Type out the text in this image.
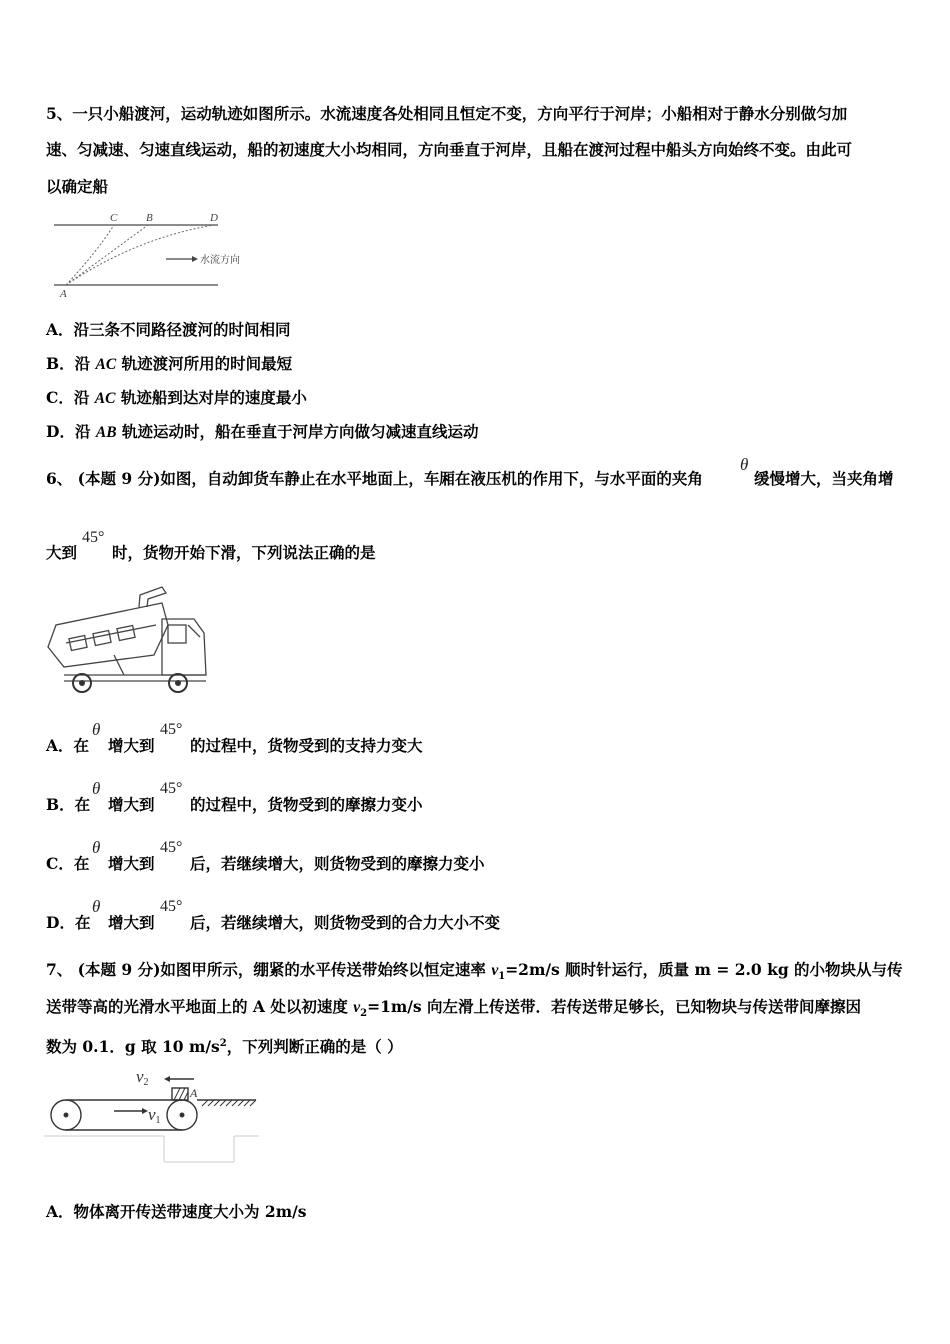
5、一只小船渡河，运动轨迹如图所示。水流速度各处相同且恒定不变，方向平行于河岸；小船相对于静水分别做匀加
速、匀减速、匀速直线运动，船的初速度大小均相同，方向垂直于河岸，且船在渡河过程中船头方向始终不变。由此可
以确定船
C	B	D
A
水流方向
A．沿三条不同路径渡河的时间相同
B．沿 AC 轨迹渡河所用的时间最短
C．沿 AC 轨迹船到达对岸的速度最小
D．沿 AB 轨迹运动时，船在垂直于河岸方向做匀减速直线运动
6、 (本题 9 分)如图，自动卸货车静止在水平地面上，车厢在液压机的作用下，与水平面的夹角
θ
缓慢增大，当夹角增
大到
45°
时，货物开始下滑，下列说法正确的是
A．在
θ
增大到
45°
的过程中，货物受到的支持力变大
B．在
θ
增大到
45°
的过程中，货物受到的摩擦力变小
C．在
θ
增大到
45°
后，若继续增大，则货物受到的摩擦力变小
D．在
θ
增大到
45°
后，若继续增大，则货物受到的合力大小不变
7、 (本题 9 分)如图甲所示，绷紧的水平传送带始终以恒定速率 $v_1=2m/s$ 顺时针运行，质量 m = 2.0 kg 的小物块从与传
送带等高的光滑水平地面上的 A 处以初速度 $v_2=1m/s$ 向左滑上传送带．若传送带足够长，已知物块与传送带间摩擦因
数为 0.1．g 取 10 $m/s^2$，下列判断正确的是（ ）
v1
v2
A
A．物体离开传送带速度大小为 2m/s
